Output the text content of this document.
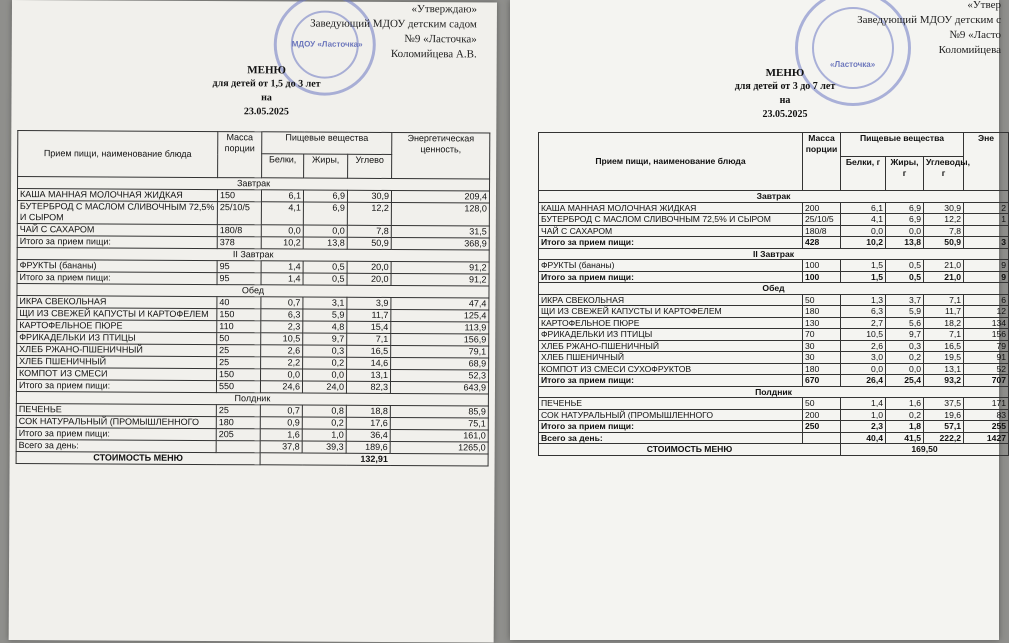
МДОУ «Ласточка»
«Утверждаю»
Заведующий МДОУ детским садом
№9 «Ласточка»
Коломийцева А.В.
МЕНЮ
для детей от 1,5 до 3 лет
на
23.05.2025
Прием пищи, наименование блюда	Масса порции	Пищевые вещества			Энергетическая ценность,
		Белки,	Жиры,	Углево	
Завтрак					
КАША МАННАЯ МОЛОЧНАЯ ЖИДКАЯ	150	6,1	6,9	30,9	209,4
БУТЕРБРОД С МАСЛОМ СЛИВОЧНЫМ 72,5% И СЫРОМ	25/10/5	4,1	6,9	12,2	128,0
ЧАЙ С САХАРОМ	180/8	0,0	0,0	7,8	31,5
Итого за прием пищи:	378	10,2	13,8	50,9	368,9
II Завтрак					
ФРУКТЫ (бананы)	95	1,4	0,5	20,0	91,2
Итого за прием пищи:	95	1,4	0,5	20,0	91,2
Обед					
ИКРА СВЕКОЛЬНАЯ	40	0,7	3,1	3,9	47,4
ЩИ ИЗ СВЕЖЕЙ КАПУСТЫ И КАРТОФЕЛЕМ	150	6,3	5,9	11,7	125,4
КАРТОФЕЛЬНОЕ ПЮРЕ	110	2,3	4,8	15,4	113,9
ФРИКАДЕЛЬКИ ИЗ ПТИЦЫ	50	10,5	9,7	7,1	156,9
ХЛЕБ РЖАНО-ПШЕНИЧНЫЙ	25	2,6	0,3	16,5	79,1
ХЛЕБ ПШЕНИЧНЫЙ	25	2,2	0,2	14,6	68,9
КОМПОТ ИЗ СМЕСИ	150	0,0	0,0	13,1	52,3
Итого за прием пищи:	550	24,6	24,0	82,3	643,9
Полдник					
ПЕЧЕНЬЕ	25	0,7	0,8	18,8	85,9
СОК НАТУРАЛЬНЫЙ (ПРОМЫШЛЕННОГО	180	0,9	0,2	17,6	75,1
Итого за прием пищи:	205	1,6	1,0	36,4	161,0
Всего за день:		37,8	39,3	189,6	1265,0
СТОИМОСТЬ МЕНЮ		132,91			
«Ласточка»
«Утвер
Заведующий МДОУ детским с
№9 «Ласто
Коломийцева
МЕНЮ
для детей от 3 до 7 лет
на
23.05.2025
Прием пищи, наименование блюда	Масса порции	Пищевые вещества			Эне
		Белки, г	Жиры, г	Углеводы, г	
Завтрак					
КАША МАННАЯ МОЛОЧНАЯ ЖИДКАЯ	200	6,1	6,9	30,9	2
БУТЕРБРОД С МАСЛОМ СЛИВОЧНЫМ 72,5% И СЫРОМ	25/10/5	4,1	6,9	12,2	1
ЧАЙ С САХАРОМ	180/8	0,0	0,0	7,8	
Итого за прием пищи:	428	10,2	13,8	50,9	3
II Завтрак					
ФРУКТЫ (бананы)	100	1,5	0,5	21,0	9
Итого за прием пищи:	100	1,5	0,5	21,0	9
Обед					
ИКРА СВЕКОЛЬНАЯ	50	1,3	3,7	7,1	6
ЩИ ИЗ СВЕЖЕЙ КАПУСТЫ И КАРТОФЕЛЕМ	180	6,3	5,9	11,7	12
КАРТОФЕЛЬНОЕ ПЮРЕ	130	2,7	5,6	18,2	134
ФРИКАДЕЛЬКИ ИЗ ПТИЦЫ	70	10,5	9,7	7,1	156
ХЛЕБ РЖАНО-ПШЕНИЧНЫЙ	30	2,6	0,3	16,5	79
ХЛЕБ ПШЕНИЧНЫЙ	30	3,0	0,2	19,5	91
КОМПОТ ИЗ СМЕСИ СУХОФРУКТОВ	180	0,0	0,0	13,1	52
Итого за прием пищи:	670	26,4	25,4	93,2	707
Полдник					
ПЕЧЕНЬЕ	50	1,4	1,6	37,5	171
СОК НАТУРАЛЬНЫЙ (ПРОМЫШЛЕННОГО	200	1,0	0,2	19,6	83
Итого за прием пищи:	250	2,3	1,8	57,1	255
Всего за день:		40,4	41,5	222,2	1427
СТОИМОСТЬ МЕНЮ		169,50			
